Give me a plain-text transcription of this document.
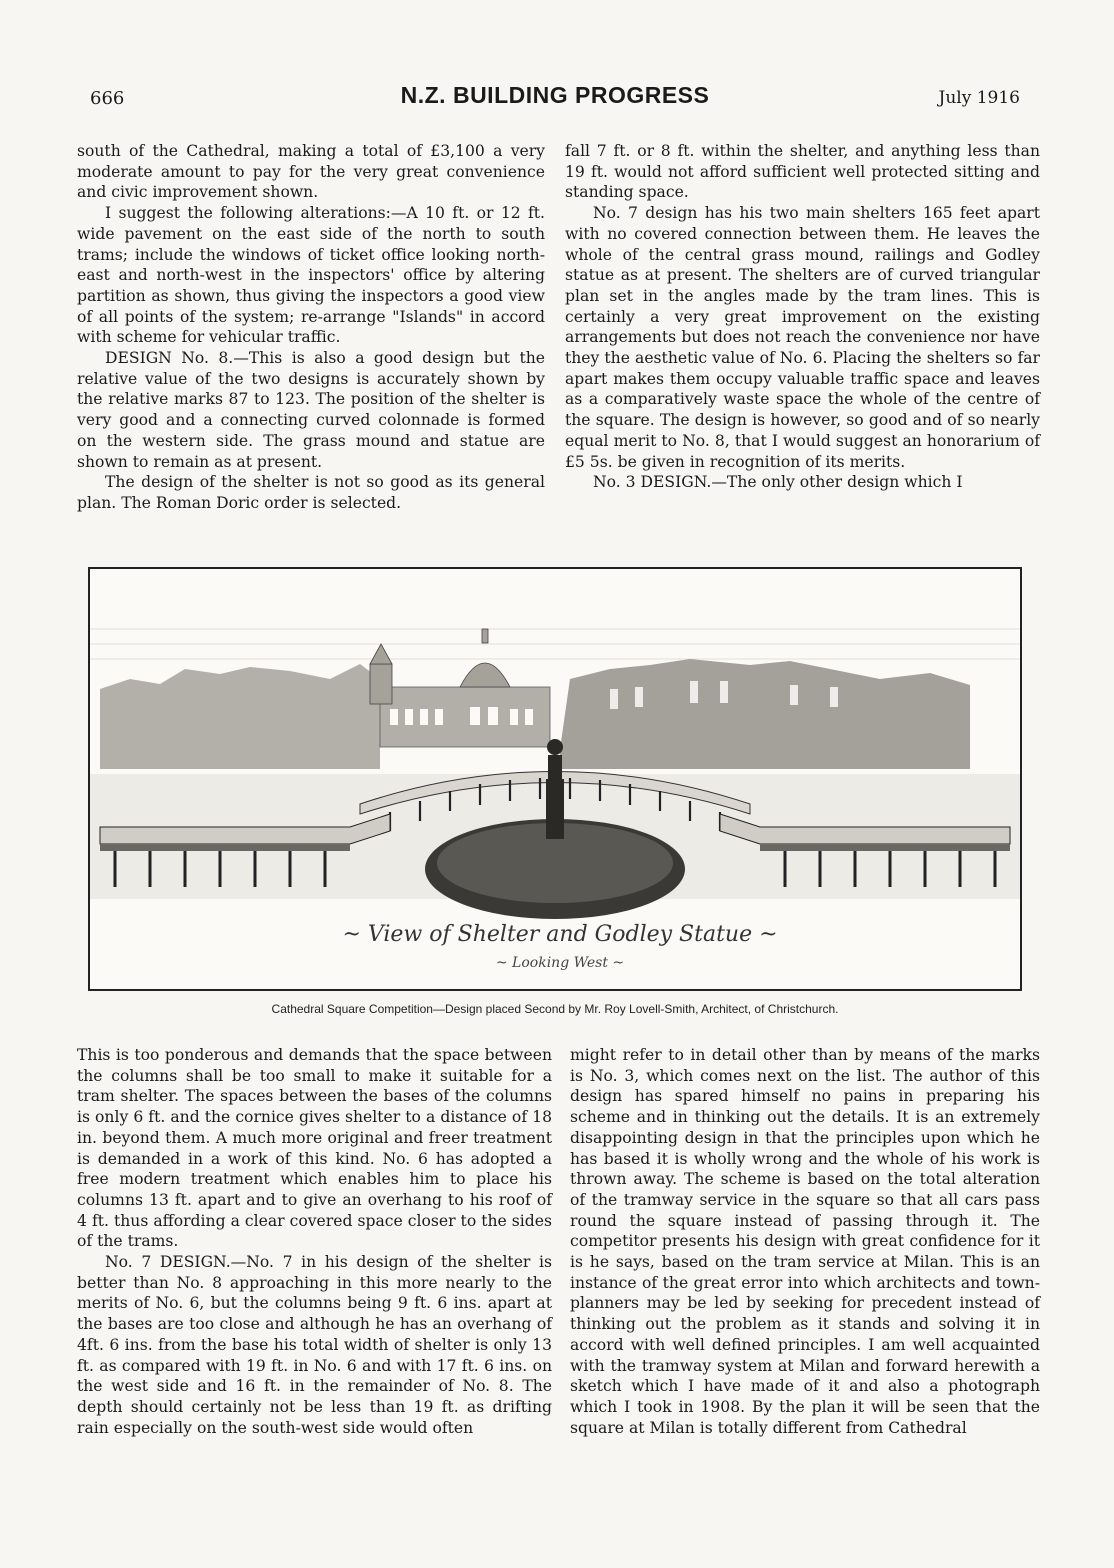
666	N.Z. BUILDING PROGRESS	July 1916

south of the Cathedral, making a total of £3,100 a very moderate amount to pay for the very great convenience and civic improvement shown.

I suggest the following alterations:—A 10 ft. or 12 ft. wide pavement on the east side of the north to south trams; include the windows of ticket office looking north-east and north-west in the inspectors' office by altering partition as shown, thus giving the inspectors a good view of all points of the system; re-arrange "Islands" in accord with scheme for vehicular traffic.

DESIGN No. 8.—This is also a good design but the relative value of the two designs is accurately shown by the relative marks 87 to 123. The position of the shelter is very good and a connecting curved colonnade is formed on the western side. The grass mound and statue are shown to remain as at present.

The design of the shelter is not so good as its general plan. The Roman Doric order is selected.

fall 7 ft. or 8 ft. within the shelter, and anything less than 19 ft. would not afford sufficient well protected sitting and standing space.

No. 7 design has his two main shelters 165 feet apart with no covered connection between them. He leaves the whole of the central grass mound, railings and Godley statue as at present. The shelters are of curved triangular plan set in the angles made by the tram lines. This is certainly a very great improvement on the existing arrangements but does not reach the convenience nor have they the aesthetic value of No. 6. Placing the shelters so far apart makes them occupy valuable traffic space and leaves as a comparatively waste space the whole of the centre of the square. The design is however, so good and of so nearly equal merit to No. 8, that I would suggest an honorarium of £5 5s. be given in recognition of its merits.

No. 3 DESIGN.—The only other design which I

~ View of Shelter and Godley Statue ~
~ Looking West ~
Cathedral Square Competition—Design placed Second by Mr. Roy Lovell-Smith, Architect, of Christchurch.

This is too ponderous and demands that the space between the columns shall be too small to make it suitable for a tram shelter. The spaces between the bases of the columns is only 6 ft. and the cornice gives shelter to a distance of 18 in. beyond them. A much more original and freer treatment is demanded in a work of this kind. No. 6 has adopted a free modern treatment which enables him to place his columns 13 ft. apart and to give an overhang to his roof of 4 ft. thus affording a clear covered space closer to the sides of the trams.

No. 7 DESIGN.—No. 7 in his design of the shelter is better than No. 8 approaching in this more nearly to the merits of No. 6, but the columns being 9 ft. 6 ins. apart at the bases are too close and although he has an overhang of 4ft. 6 ins. from the base his total width of shelter is only 13 ft. as compared with 19 ft. in No. 6 and with 17 ft. 6 ins. on the west side and 16 ft. in the remainder of No. 8. The depth should certainly not be less than 19 ft. as drifting rain especially on the south-west side would often

might refer to in detail other than by means of the marks is No. 3, which comes next on the list. The author of this design has spared himself no pains in preparing his scheme and in thinking out the details. It is an extremely disappointing design in that the principles upon which he has based it is wholly wrong and the whole of his work is thrown away. The scheme is based on the total alteration of the tramway service in the square so that all cars pass round the square instead of passing through it. The competitor presents his design with great confidence for it is he says, based on the tram service at Milan. This is an instance of the great error into which architects and town-planners may be led by seeking for precedent instead of thinking out the problem as it stands and solving it in accord with well defined principles. I am well acquainted with the tramway system at Milan and forward herewith a sketch which I have made of it and also a photograph which I took in 1908. By the plan it will be seen that the square at Milan is totally different from Cathedral
